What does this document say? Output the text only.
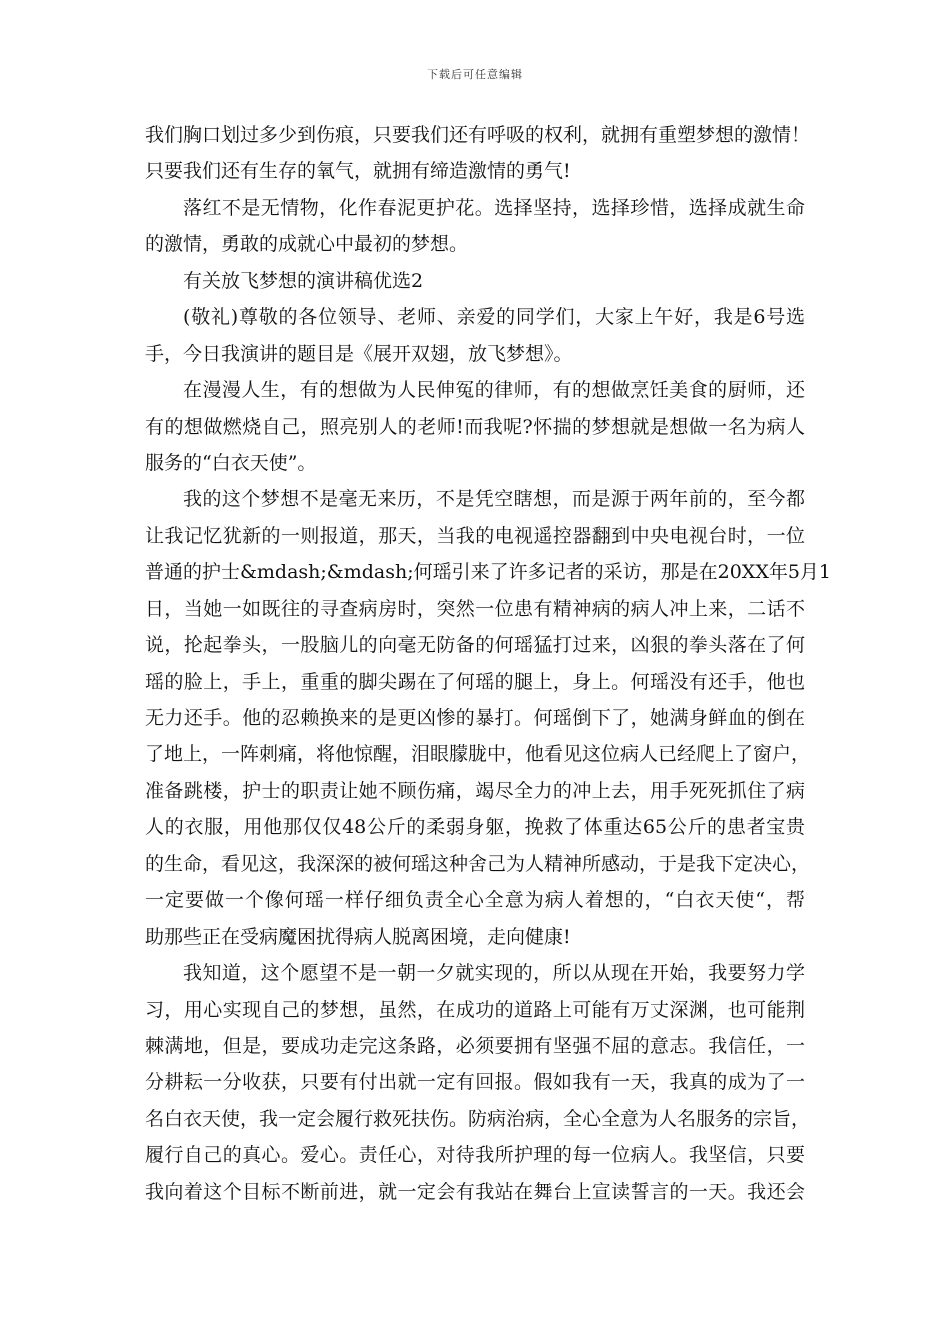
下载后可任意编辑
我们胸口划过多少到伤痕，只要我们还有呼吸的权利，就拥有重塑梦想的激情！
只要我们还有生存的氧气，就拥有缔造激情的勇气!
落红不是无情物，化作春泥更护花。选择坚持，选择珍惜，选择成就生命
的激情，勇敢的成就心中最初的梦想。
有关放飞梦想的演讲稿优选2
(敬礼)尊敬的各位领导、老师、亲爱的同学们，大家上午好，我是6号选
手，今日我演讲的题目是《展开双翅，放飞梦想》。
在漫漫人生，有的想做为人民伸冤的律师，有的想做烹饪美食的厨师，还
有的想做燃烧自己，照亮别人的老师!而我呢?怀揣的梦想就是想做一名为病人
服务的“白衣天使”。
我的这个梦想不是毫无来历，不是凭空瞎想，而是源于两年前的，至今都
让我记忆犹新的一则报道，那天，当我的电视遥控器翻到中央电视台时，一位
普通的护士&mdash;&mdash;何瑶引来了许多记者的采访，那是在20XX年5月1
日，当她一如既往的寻查病房时，突然一位患有精神病的病人冲上来，二话不
说，抡起拳头，一股脑儿的向毫无防备的何瑶猛打过来，凶狠的拳头落在了何
瑶的脸上，手上，重重的脚尖踢在了何瑶的腿上，身上。何瑶没有还手，他也
无力还手。他的忍赖换来的是更凶惨的暴打。何瑶倒下了，她满身鲜血的倒在
了地上，一阵刺痛，将他惊醒，泪眼朦胧中，他看见这位病人已经爬上了窗户，
准备跳楼，护士的职责让她不顾伤痛，竭尽全力的冲上去，用手死死抓住了病
人的衣服，用他那仅仅48公斤的柔弱身躯，挽救了体重达65公斤的患者宝贵
的生命，看见这，我深深的被何瑶这种舍己为人精神所感动，于是我下定决心，
一定要做一个像何瑶一样仔细负责全心全意为病人着想的，“白衣天使“，帮
助那些正在受病魔困扰得病人脱离困境，走向健康!
我知道，这个愿望不是一朝一夕就实现的，所以从现在开始，我要努力学
习，用心实现自己的梦想，虽然，在成功的道路上可能有万丈深渊，也可能荆
棘满地，但是，要成功走完这条路，必须要拥有坚强不屈的意志。我信任，一
分耕耘一分收获，只要有付出就一定有回报。假如我有一天，我真的成为了一
名白衣天使，我一定会履行救死扶伤。防病治病，全心全意为人名服务的宗旨，
履行自己的真心。爱心。责任心，对待我所护理的每一位病人。我坚信，只要
我向着这个目标不断前进，就一定会有我站在舞台上宣读誓言的一天。我还会
